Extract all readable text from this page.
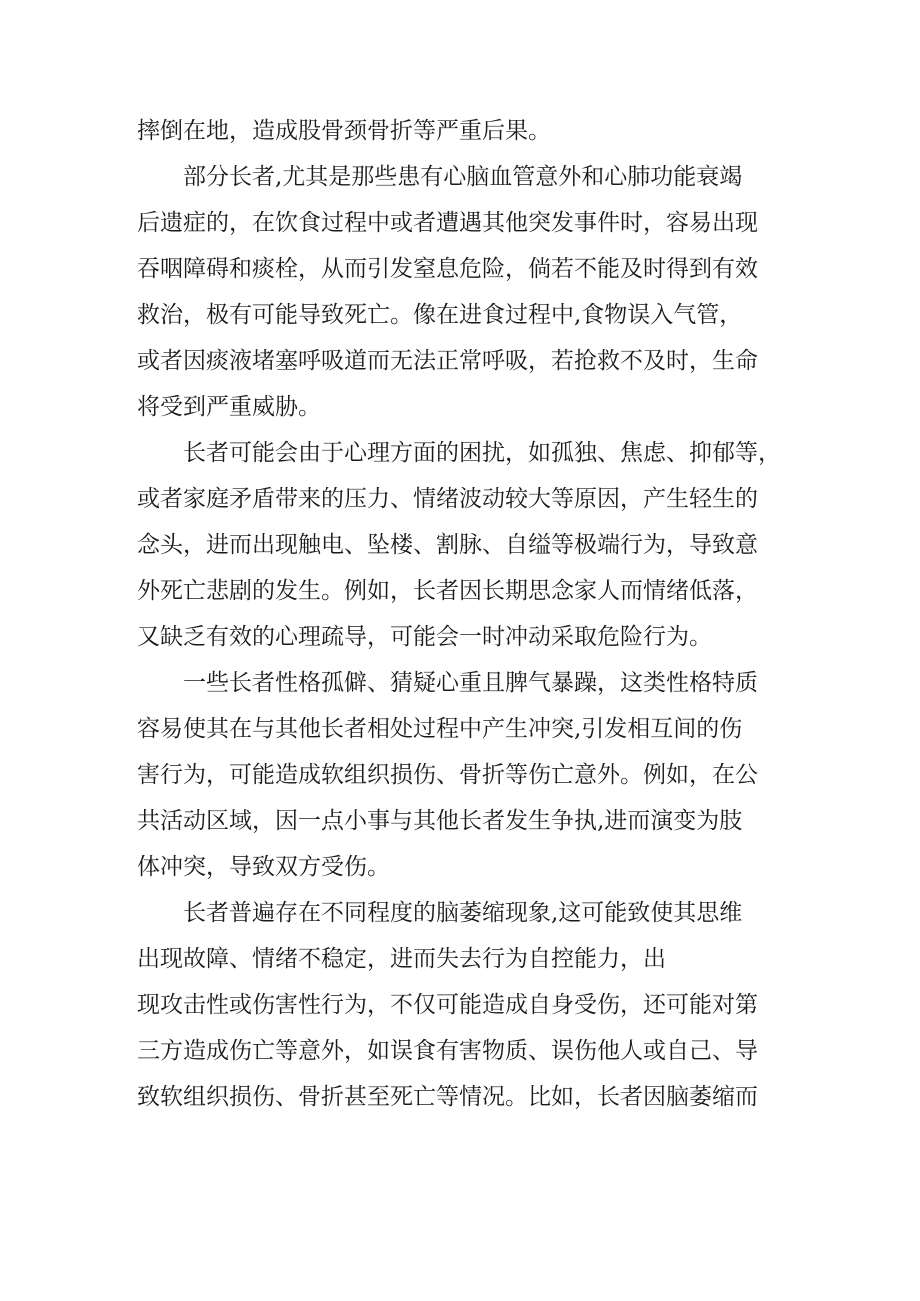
摔倒在地，造成股骨颈骨折等严重后果。

部分长者,尤其是那些患有心脑血管意外和心肺功能衰竭
后遗症的，在饮食过程中或者遭遇其他突发事件时，容易出现
吞咽障碍和痰栓，从而引发窒息危险，倘若不能及时得到有效
救治，极有可能导致死亡。像在进食过程中,食物误入气管，
或者因痰液堵塞呼吸道而无法正常呼吸，若抢救不及时，生命
将受到严重威胁。

长者可能会由于心理方面的困扰，如孤独、焦虑、抑郁等，
或者家庭矛盾带来的压力、情绪波动较大等原因，产生轻生的
念头，进而出现触电、坠楼、割脉、自缢等极端行为，导致意
外死亡悲剧的发生。例如，长者因长期思念家人而情绪低落，
又缺乏有效的心理疏导，可能会一时冲动采取危险行为。

一些长者性格孤僻、猜疑心重且脾气暴躁，这类性格特质
容易使其在与其他长者相处过程中产生冲突,引发相互间的伤
害行为，可能造成软组织损伤、骨折等伤亡意外。例如，在公
共活动区域，因一点小事与其他长者发生争执,进而演变为肢
体冲突，导致双方受伤。

长者普遍存在不同程度的脑萎缩现象,这可能致使其思维
出现故障、情绪不稳定，进而失去行为自控能力，出
现攻击性或伤害性行为，不仅可能造成自身受伤，还可能对第
三方造成伤亡等意外，如误食有害物质、误伤他人或自己、导
致软组织损伤、骨折甚至死亡等情况。比如，长者因脑萎缩而
